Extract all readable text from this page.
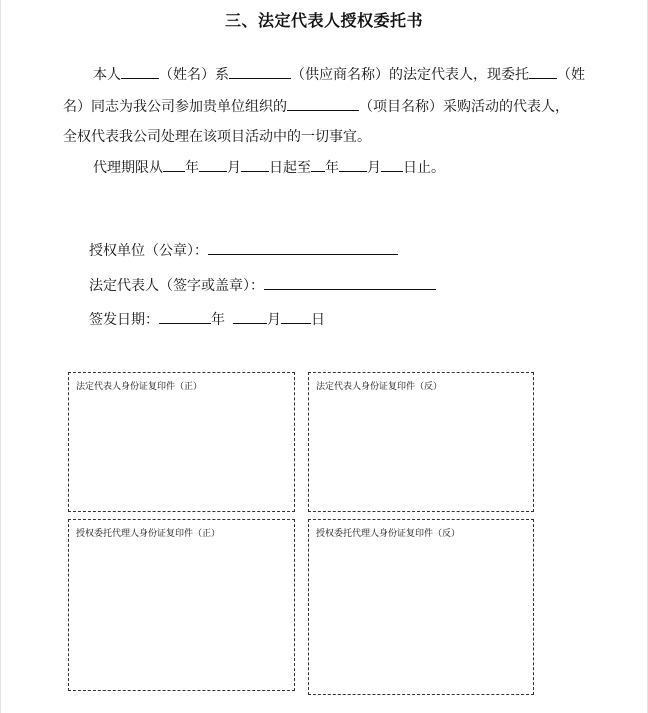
三、法定代表人授权委托书
本人	（姓名）系	（供应商名称）的法定代表人，现委托 （姓
名）同志为我公司参加贵单位组织的	（项目名称）采购活动的代表人，
全权代表我公司处理在该项目活动中的一切事宜。
代理期限从 年 月 日起至 年 月 日止。
授权单位（公章）：
法定代表人（签字或盖章）：
签发日期：	年	月 日
法定代表人身份证复印件（正）	法定代表人身份证复印件（反）
授权委托代理人身份证复印件（正）	授权委托代理人身份证复印件（反）
